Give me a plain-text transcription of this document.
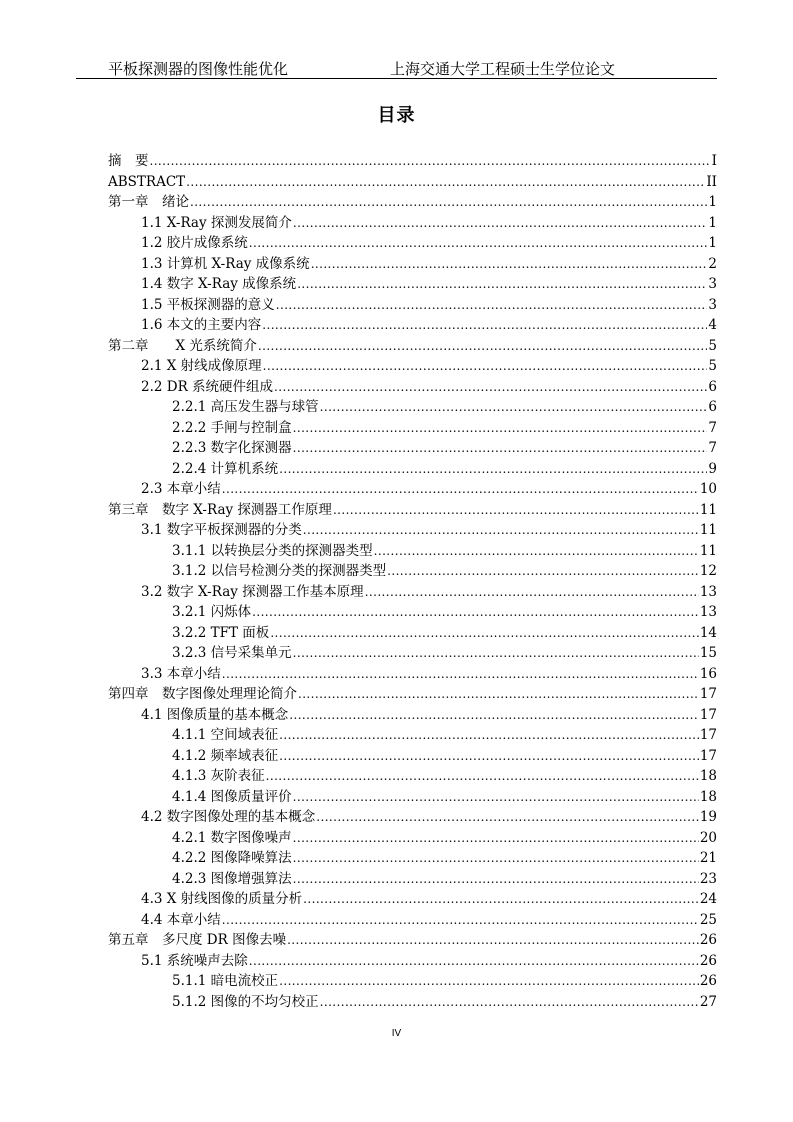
平板探测器的图像性能优化	上海交通大学工程硕士生学位论文
目录
摘　要 .....	I
ABSTRACT .....	II
第一章　绪论 .....	1
1.1 X-Ray 探测发展简介 .....	1
1.2 胶片成像系统 .....	1
1.3 计算机 X-Ray 成像系统 .....	2
1.4 数字 X-Ray 成像系统 .....	3
1.5 平板探测器的意义 .....	3
1.6 本文的主要内容 .....	4
第二章　　X 光系统简介 .....	5
2.1 X 射线成像原理 .....	5
2.2 DR 系统硬件组成 .....	6
2.2.1 高压发生器与球管 .....	6
2.2.2 手闸与控制盒 .....	7
2.2.3 数字化探测器 .....	7
2.2.4 计算机系统 .....	9
2.3 本章小结 .....	10
第三章　数字 X-Ray 探测器工作原理 .....	11
3.1 数字平板探测器的分类 .....	11
3.1.1 以转换层分类的探测器类型 .....	11
3.1.2 以信号检测分类的探测器类型 .....	12
3.2 数字 X-Ray 探测器工作基本原理 .....	13
3.2.1 闪烁体 .....	13
3.2.2 TFT 面板 .....	14
3.2.3 信号采集单元 .....	15
3.3 本章小结 .....	16
第四章　数字图像处理理论简介 .....	17
4.1 图像质量的基本概念 .....	17
4.1.1 空间域表征 .....	17
4.1.2 频率域表征 .....	17
4.1.3 灰阶表征 .....	18
4.1.4 图像质量评价 .....	18
4.2 数字图像处理的基本概念 .....	19
4.2.1 数字图像噪声 .....	20
4.2.2 图像降噪算法 .....	21
4.2.3 图像增强算法 .....	23
4.3 X 射线图像的质量分析 .....	24
4.4 本章小结 .....	25
第五章　多尺度 DR 图像去噪 .....	26
5.1 系统噪声去除 .....	26
5.1.1 暗电流校正 .....	26
5.1.2 图像的不均匀校正 .....	27
IV
